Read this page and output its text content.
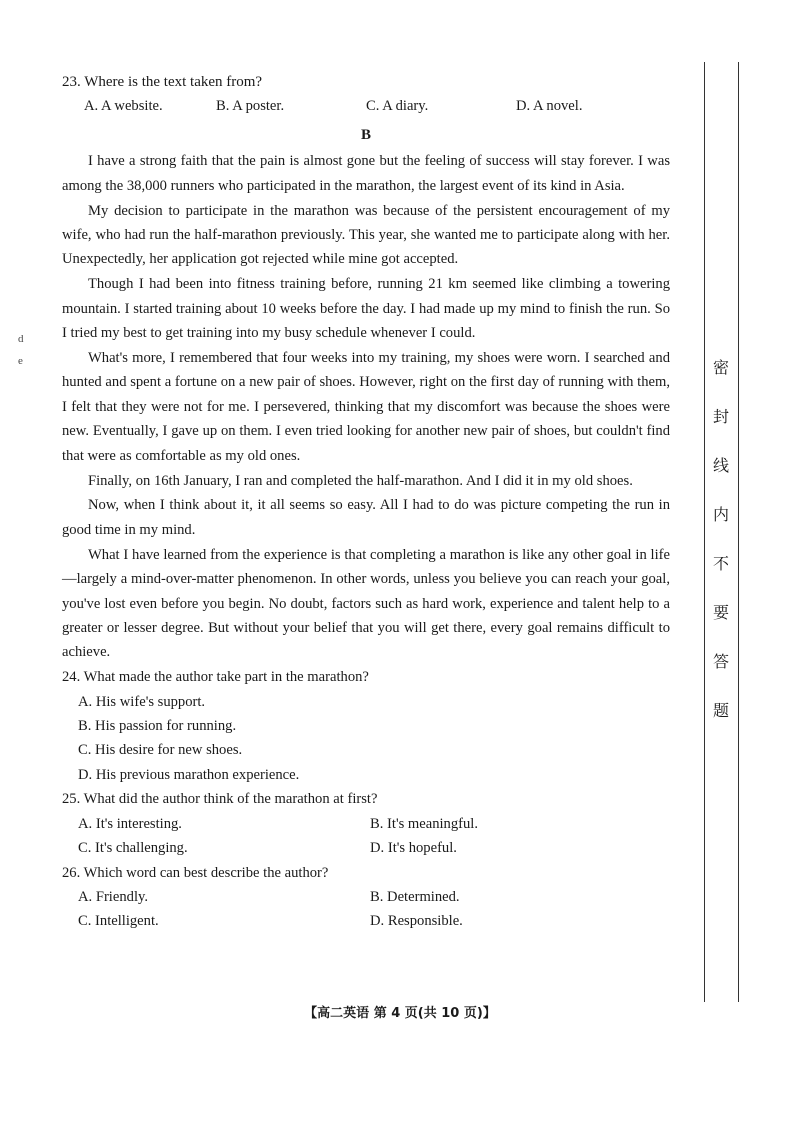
d
e
23. Where is the text taken from?
A. A website.	B. A poster.	C. A diary.	D. A novel.
B

I have a strong faith that the pain is almost gone but the feeling of success will stay forever. I was among the 38,000 runners who participated in the marathon, the largest event of its kind in Asia.

My decision to participate in the marathon was because of the persistent encouragement of my wife, who had run the half-marathon previously. This year, she wanted me to participate along with her. Unexpectedly, her application got rejected while mine got accepted.

Though I had been into fitness training before, running 21 km seemed like climbing a towering mountain. I started training about 10 weeks before the day. I had made up my mind to finish the run. So I tried my best to get training into my busy schedule whenever I could.

What's more, I remembered that four weeks into my training, my shoes were worn. I searched and hunted and spent a fortune on a new pair of shoes. However, right on the first day of running with them, I felt that they were not for me. I persevered, thinking that my discomfort was because the shoes were new. Eventually, I gave up on them. I even tried looking for another new pair of shoes, but couldn't find that were as comfortable as my old ones.

Finally, on 16th January, I ran and completed the half-marathon. And I did it in my old shoes.

Now, when I think about it, it all seems so easy. All I had to do was picture competing the run in good time in my mind.

What I have learned from the experience is that completing a marathon is like any other goal in life—largely a mind-over-matter phenomenon. In other words, unless you believe you can reach your goal, you've lost even before you begin. No doubt, factors such as hard work, experience and talent help to a greater or lesser degree. But without your belief that you will get there, every goal remains difficult to achieve.

24. What made the author take part in the marathon?
A. His wife's support.
B. His passion for running.
C. His desire for new shoes.
D. His previous marathon experience.
25. What did the author think of the marathon at first?
A. It's interesting.	B. It's meaningful.
C. It's challenging.	D. It's hopeful.
26. Which word can best describe the author?
A. Friendly.	B. Determined.
C. Intelligent.	D. Responsible.
密
封
线
内
不
要
答
题
【高二英语 第 4 页(共 10 页)】
